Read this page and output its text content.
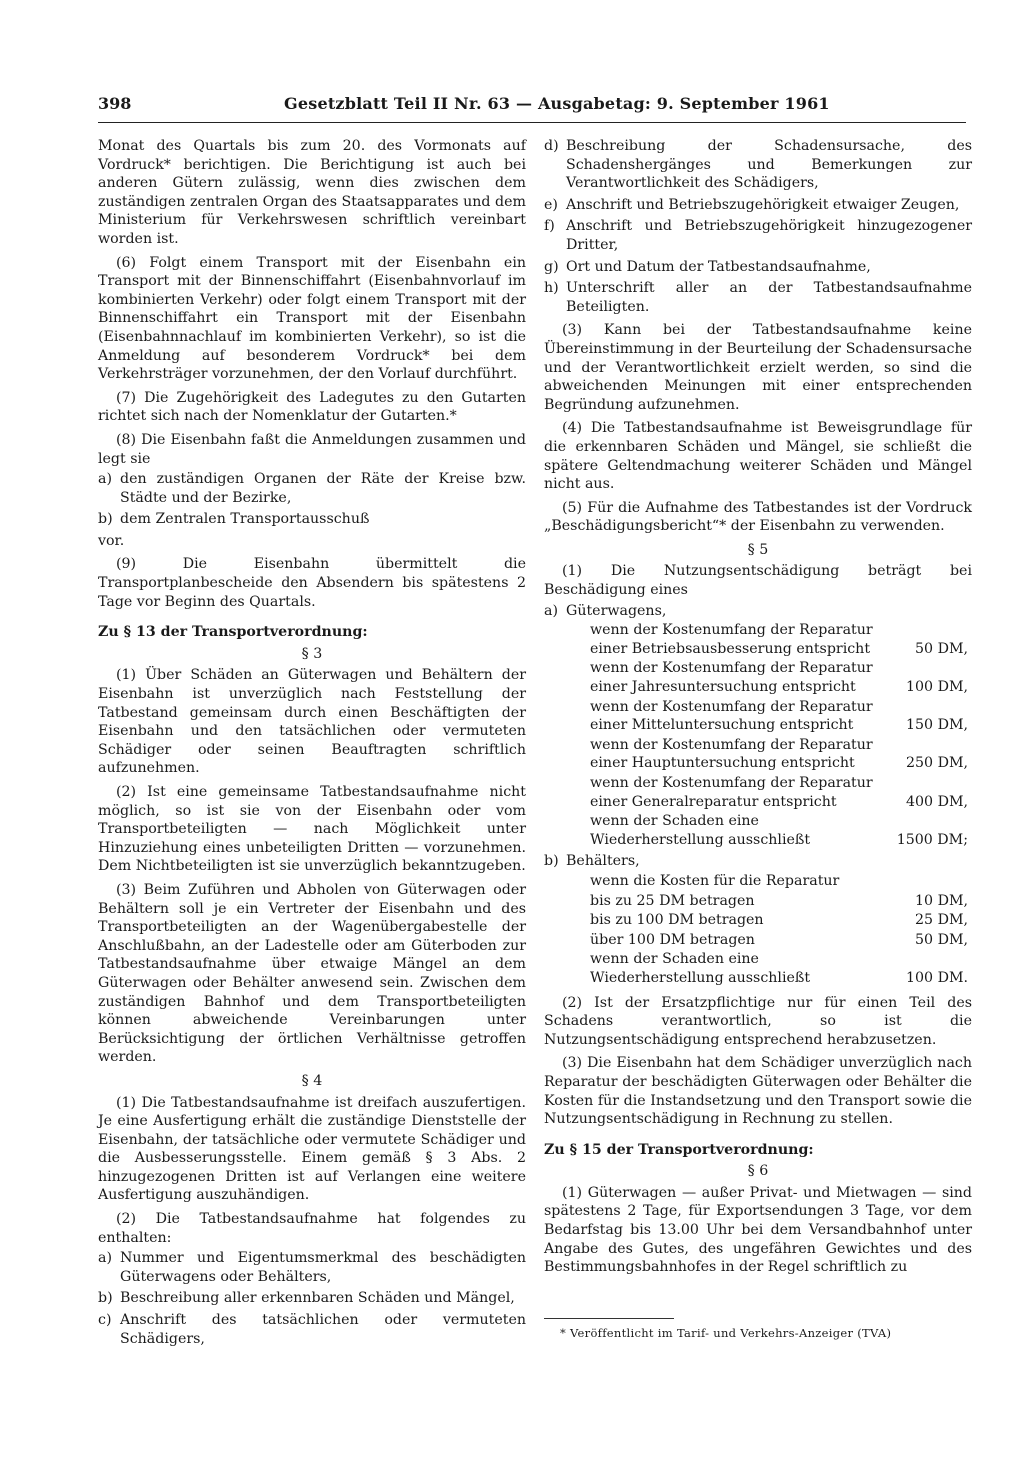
398	Gesetzblatt Teil II Nr. 63 — Ausgabetag: 9. September 1961

Monat des Quartals bis zum 20. des Vormonats auf Vordruck* berichtigen. Die Berichtigung ist auch bei anderen Gütern zulässig, wenn dies zwischen dem zuständigen zentralen Organ des Staatsapparates und dem Ministerium für Verkehrswesen schriftlich vereinbart worden ist.

(6) Folgt einem Transport mit der Eisenbahn ein Transport mit der Binnenschiffahrt (Eisenbahnvorlauf im kombinierten Verkehr) oder folgt einem Transport mit der Binnenschiffahrt ein Transport mit der Eisenbahn (Eisenbahnnachlauf im kombinierten Verkehr), so ist die Anmeldung auf besonderem Vordruck* bei dem Verkehrsträger vorzunehmen, der den Vorlauf durchführt.

(7) Die Zugehörigkeit des Ladegutes zu den Gutarten richtet sich nach der Nomenklatur der Gutarten.*

(8) Die Eisenbahn faßt die Anmeldungen zusammen und legt sie

a) den zuständigen Organen der Räte der Kreise bzw. Städte und der Bezirke,
b) dem Zentralen Transportausschuß

vor.

(9) Die Eisenbahn übermittelt die Transportplanbescheide den Absendern bis spätestens 2 Tage vor Beginn des Quartals.

Zu § 13 der Transportverordnung:

§ 3

(1) Über Schäden an Güterwagen und Behältern der Eisenbahn ist unverzüglich nach Feststellung der Tatbestand gemeinsam durch einen Beschäftigten der Eisenbahn und den tatsächlichen oder vermuteten Schädiger oder seinen Beauftragten schriftlich aufzunehmen.

(2) Ist eine gemeinsame Tatbestandsaufnahme nicht möglich, so ist sie von der Eisenbahn oder vom Transportbeteiligten — nach Möglichkeit unter Hinzuziehung eines unbeteiligten Dritten — vorzunehmen. Dem Nichtbeteiligten ist sie unverzüglich bekanntzugeben.

(3) Beim Zuführen und Abholen von Güterwagen oder Behältern soll je ein Vertreter der Eisenbahn und des Transportbeteiligten an der Wagenübergabestelle der Anschlußbahn, an der Ladestelle oder am Güterboden zur Tatbestandsaufnahme über etwaige Mängel an dem Güterwagen oder Behälter anwesend sein. Zwischen dem zuständigen Bahnhof und dem Transportbeteiligten können abweichende Vereinbarungen unter Berücksichtigung der örtlichen Verhältnisse getroffen werden.

§ 4

(1) Die Tatbestandsaufnahme ist dreifach auszufertigen. Je eine Ausfertigung erhält die zuständige Dienststelle der Eisenbahn, der tatsächliche oder vermutete Schädiger und die Ausbesserungsstelle. Einem gemäß § 3 Abs. 2 hinzugezogenen Dritten ist auf Verlangen eine weitere Ausfertigung auszuhändigen.

(2) Die Tatbestandsaufnahme hat folgendes zu enthalten:

a) Nummer und Eigentumsmerkmal des beschädigten Güterwagens oder Behälters,
b) Beschreibung aller erkennbaren Schäden und Mängel,
c) Anschrift des tatsächlichen oder vermuteten Schädigers,
d) Beschreibung der Schadensursache, des Schadenshergänges und Bemerkungen zur Verantwortlichkeit des Schädigers,
e) Anschrift und Betriebszugehörigkeit etwaiger Zeugen,
f) Anschrift und Betriebszugehörigkeit hinzugezogener Dritter,
g) Ort und Datum der Tatbestandsaufnahme,
h) Unterschrift aller an der Tatbestandsaufnahme Beteiligten.

(3) Kann bei der Tatbestandsaufnahme keine Übereinstimmung in der Beurteilung der Schadensursache und der Verantwortlichkeit erzielt werden, so sind die abweichenden Meinungen mit einer entsprechenden Begründung aufzunehmen.

(4) Die Tatbestandsaufnahme ist Beweisgrundlage für die erkennbaren Schäden und Mängel, sie schließt die spätere Geltendmachung weiterer Schäden und Mängel nicht aus.

(5) Für die Aufnahme des Tatbestandes ist der Vordruck „Beschädigungsbericht“* der Eisenbahn zu verwenden.

§ 5

(1) Die Nutzungsentschädigung beträgt bei Beschädigung eines

a) Güterwagens,
wenn der Kostenumfang der Reparatur einer Betriebsausbesserung entspricht	50 DM,
wenn der Kostenumfang der Reparatur einer Jahresuntersuchung entspricht	100 DM,
wenn der Kostenumfang der Reparatur einer Mitteluntersuchung entspricht	150 DM,
wenn der Kostenumfang der Reparatur einer Hauptuntersuchung entspricht	250 DM,
wenn der Kostenumfang der Reparatur einer Generalreparatur entspricht	400 DM,
wenn der Schaden eine Wiederherstellung ausschließt	1500 DM;
b) Behälters,
wenn die Kosten für die Reparatur
bis zu 25 DM betragen	10 DM,
bis zu 100 DM betragen	25 DM,
über 100 DM betragen	50 DM,
wenn der Schaden eine Wiederherstellung ausschließt	100 DM.

(2) Ist der Ersatzpflichtige nur für einen Teil des Schadens verantwortlich, so ist die Nutzungsentschädigung entsprechend herabzusetzen.

(3) Die Eisenbahn hat dem Schädiger unverzüglich nach Reparatur der beschädigten Güterwagen oder Behälter die Kosten für die Instandsetzung und den Transport sowie die Nutzungsentschädigung in Rechnung zu stellen.

Zu § 15 der Transportverordnung:

§ 6

(1) Güterwagen — außer Privat- und Mietwagen — sind spätestens 2 Tage, für Exportsendungen 3 Tage, vor dem Bedarfstag bis 13.00 Uhr bei dem Versandbahnhof unter Angabe des Gutes, des ungefähren Gewichtes und des Bestimmungsbahnhofes in der Regel schriftlich zu

* Veröffentlicht im Tarif- und Verkehrs-Anzeiger (TVA)
